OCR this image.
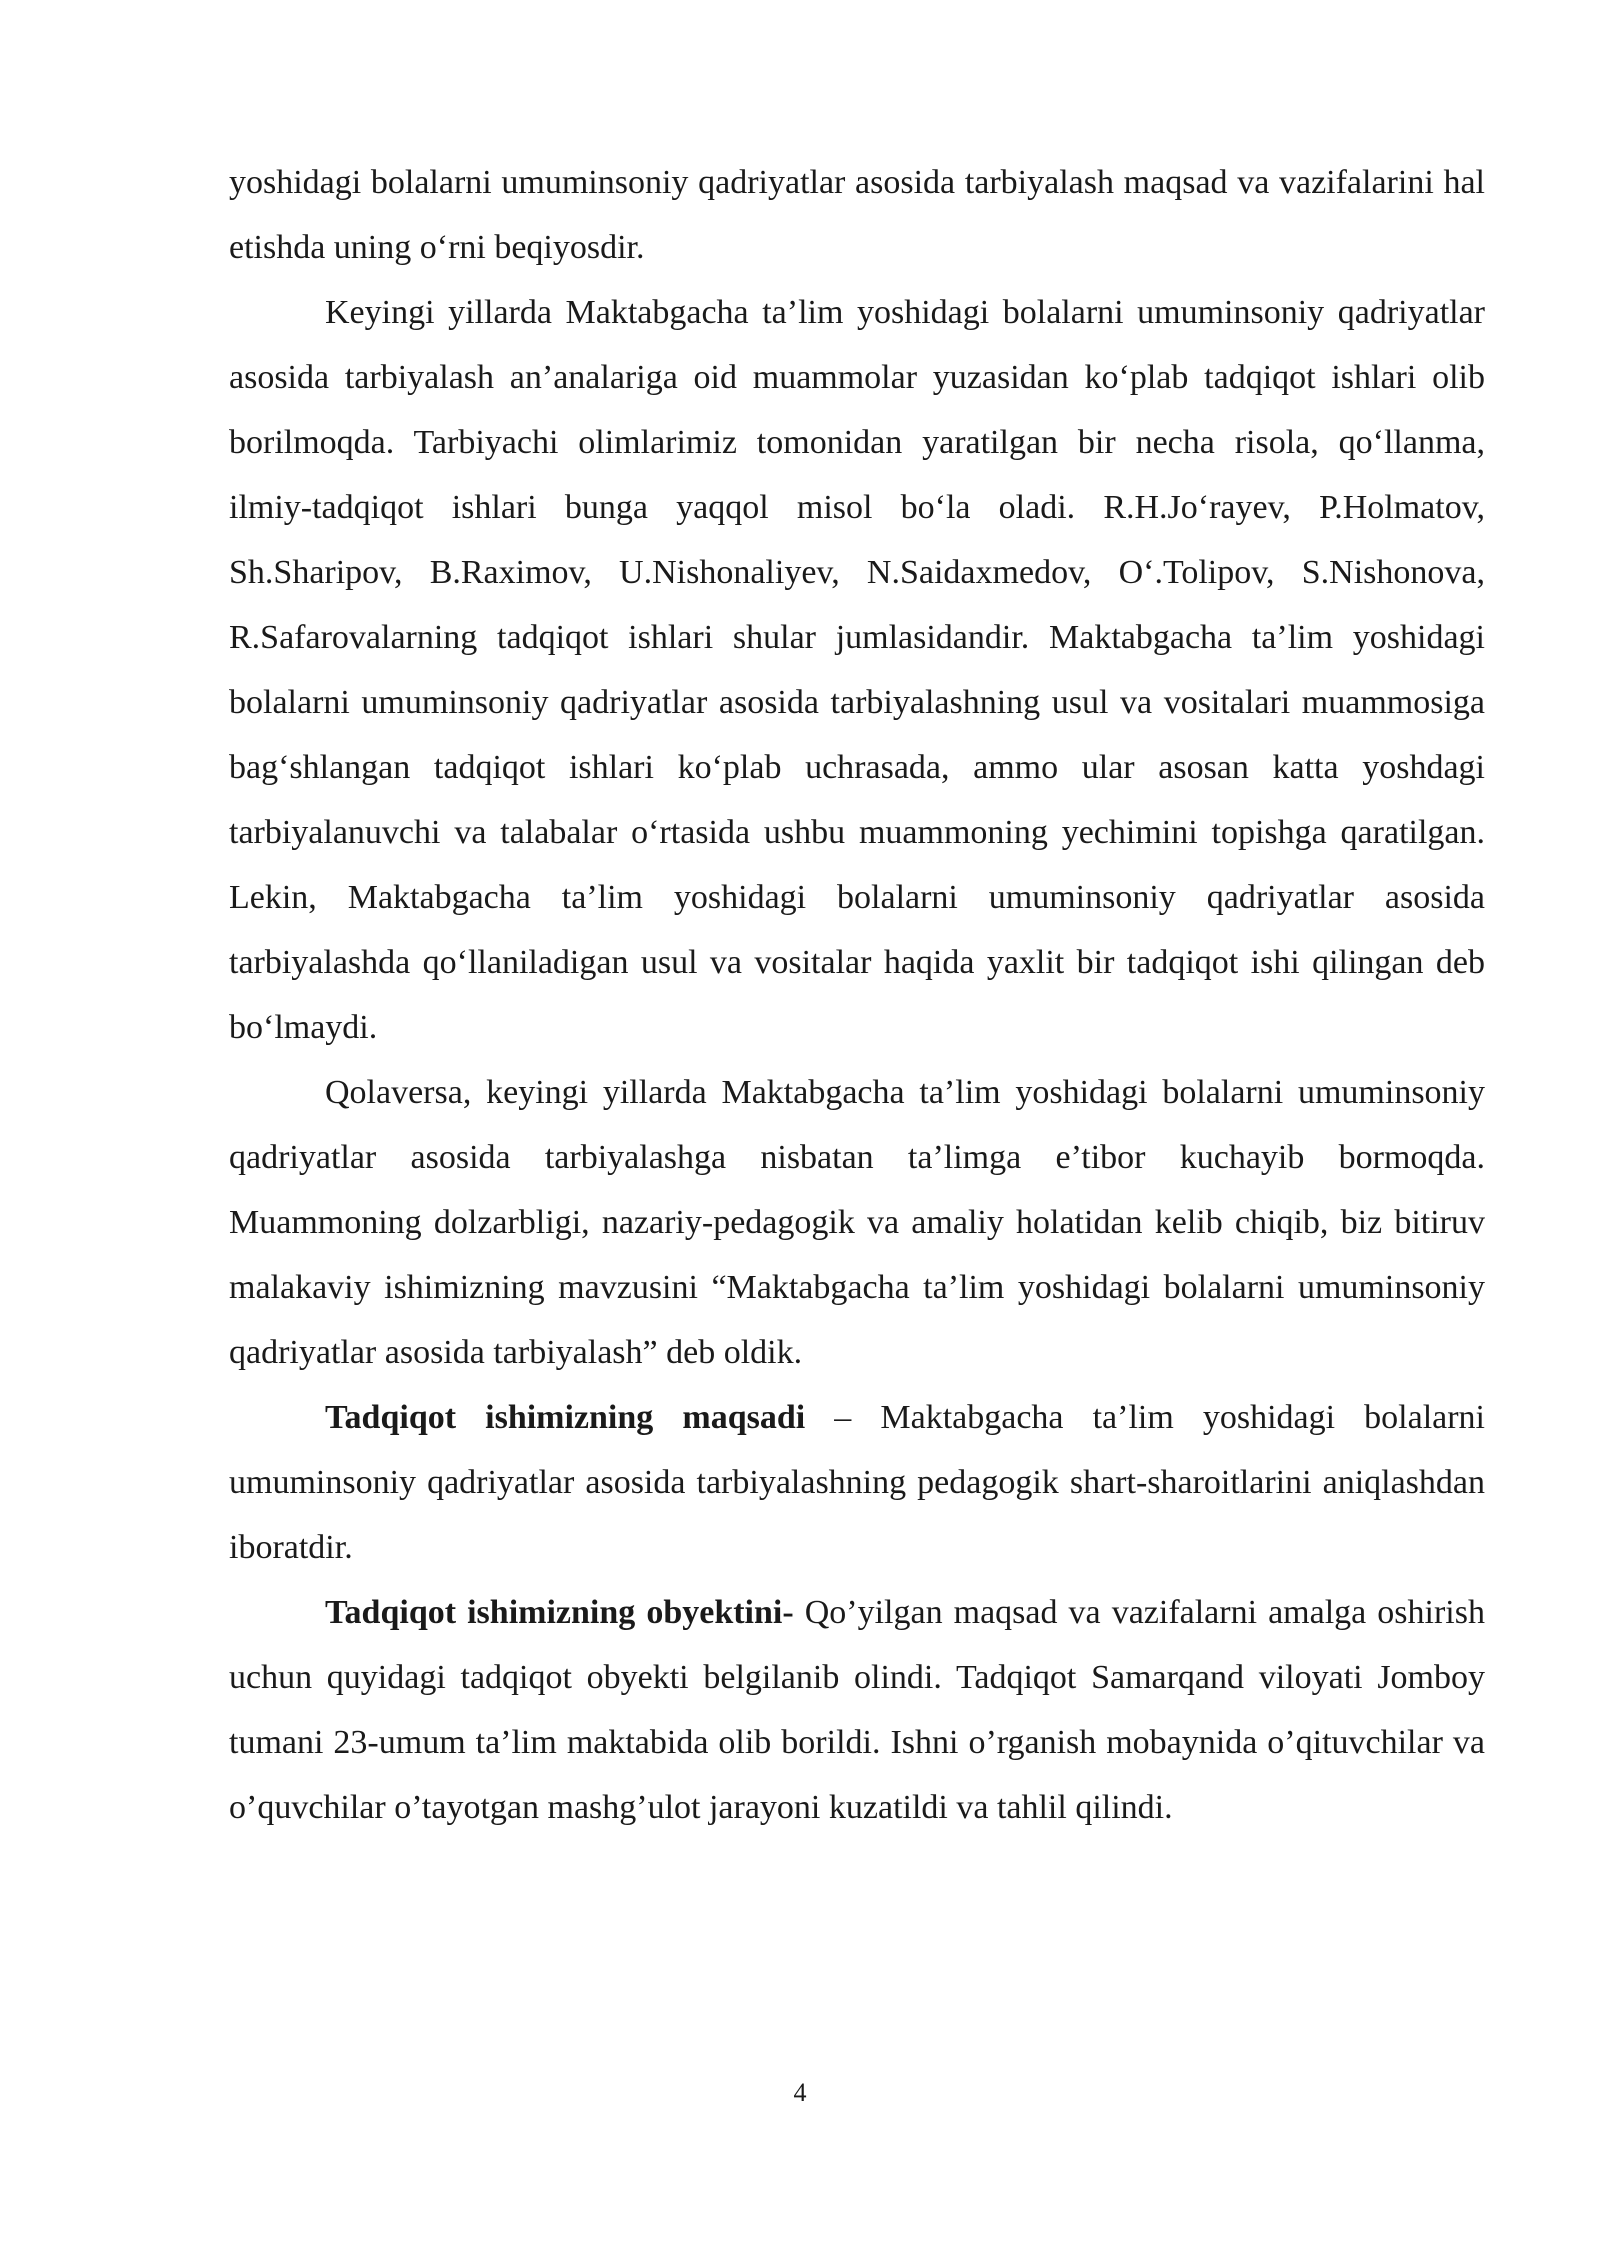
yoshidagi bolalarni umuminsoniy qadriyatlar asosida tarbiyalash maqsad va vazifalarini hal etishda uning o‘rni beqiyosdir.

Keyingi yillarda Maktabgacha ta’lim yoshidagi bolalarni umuminsoniy qadriyatlar asosida tarbiyalash an’analariga oid muammolar yuzasidan ko‘plab tadqiqot ishlari olib borilmoqda. Tarbiyachi olimlarimiz tomonidan yaratilgan bir necha risola, qo‘llanma, ilmiy-tadqiqot ishlari bunga yaqqol misol bo‘la oladi. R.H.Jo‘rayev, P.Holmatov, Sh.Sharipov, B.Raximov, U.Nishonaliyev, N.Saidaxmedov, O‘.Tolipov, S.Nishonova, R.Safarovalarning tadqiqot ishlari shular jumlasidandir. Maktabgacha ta’lim yoshidagi bolalarni umuminsoniy qadriyatlar asosida tarbiyalashning usul va vositalari muammosiga bag‘shlangan tadqiqot ishlari ko‘plab uchrasada, ammo ular asosan katta yoshdagi tarbiyalanuvchi va talabalar o‘rtasida ushbu muammoning yechimini topishga qaratilgan. Lekin, Maktabgacha ta’lim yoshidagi bolalarni umuminsoniy qadriyatlar asosida tarbiyalashda qo‘llaniladigan usul va vositalar haqida yaxlit bir tadqiqot ishi qilingan deb bo‘lmaydi.

Qolaversa, keyingi yillarda Maktabgacha ta’lim yoshidagi bolalarni umuminsoniy qadriyatlar asosida tarbiyalashga nisbatan ta’limga e’tibor kuchayib bormoqda. Muammoning dolzarbligi, nazariy-pedagogik va amaliy holatidan kelib chiqib, biz bitiruv malakaviy ishimizning mavzusini “Maktabgacha ta’lim yoshidagi bolalarni umuminsoniy qadriyatlar asosida tarbiyalash” deb oldik.

Tadqiqot ishimizning maqsadi – Maktabgacha ta’lim yoshidagi bolalarni umuminsoniy qadriyatlar asosida tarbiyalashning pedagogik shart-sharoitlarini aniqlashdan iboratdir.

Tadqiqot ishimizning obyektini- Qo’yilgan maqsad va vazifalarni amalga oshirish uchun quyidagi tadqiqot obyekti belgilanib olindi. Tadqiqot Samarqand viloyati Jomboy tumani 23-umum ta’lim maktabida olib borildi. Ishni o’rganish mobaynida o’qituvchilar va o’quvchilar o’tayotgan mashg’ulot jarayoni kuzatildi va tahlil qilindi.

4
